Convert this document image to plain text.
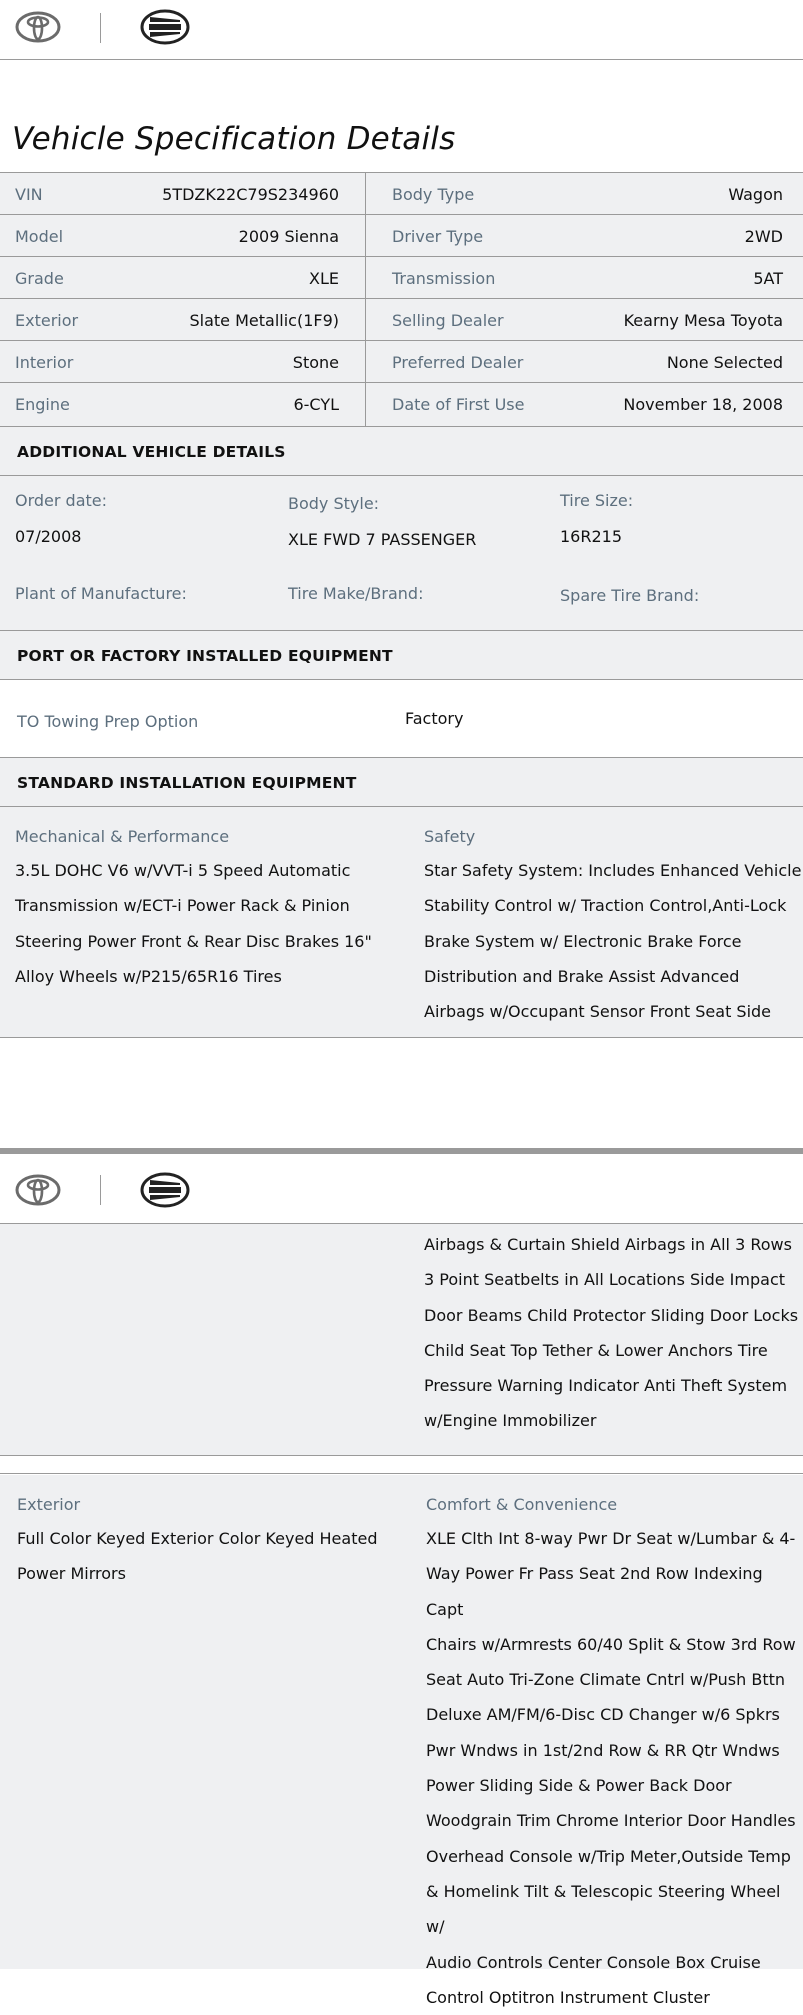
Vehicle Specification Details
VIN	5TDZK22C79S234960	Body Type	Wagon
Model	2009 Sienna	Driver Type	2WD
Grade	XLE	Transmission	5AT
Exterior	Slate Metallic(1F9)	Selling Dealer	Kearny Mesa Toyota
Interior	Stone	Preferred Dealer	None Selected
Engine	6-CYL	Date of First Use	November 18, 2008
ADDITIONAL VEHICLE DETAILS
Order date:
07/2008
Body Style:
XLE FWD 7 PASSENGER
Tire Size:
16R215
Plant of Manufacture:	Tire Make/Brand:	Spare Tire Brand:
PORT OR FACTORY INSTALLED EQUIPMENT
TO Towing Prep Option	Factory
STANDARD INSTALLATION EQUIPMENT
Mechanical & Performance
3.5L DOHC V6 w/VVT-i 5 Speed Automatic
Transmission w/ECT-i Power Rack & Pinion
Steering Power Front & Rear Disc Brakes 16"
Alloy Wheels w/P215/65R16 Tires
Safety
Star Safety System: Includes Enhanced Vehicle
Stability Control w/ Traction Control,Anti-Lock
Brake System w/ Electronic Brake Force
Distribution and Brake Assist Advanced
Airbags w/Occupant Sensor Front Seat Side
Airbags & Curtain Shield Airbags in All 3 Rows
3 Point Seatbelts in All Locations Side Impact
Door Beams Child Protector Sliding Door Locks
Child Seat Top Tether & Lower Anchors Tire
Pressure Warning Indicator Anti Theft System
w/Engine Immobilizer
Exterior
Full Color Keyed Exterior Color Keyed Heated
Power Mirrors
Comfort & Convenience
XLE Clth Int 8-way Pwr Dr Seat w/Lumbar & 4-
Way Power Fr Pass Seat 2nd Row Indexing Capt
Chairs w/Armrests 60/40 Split & Stow 3rd Row
Seat Auto Tri-Zone Climate Cntrl w/Push Bttn
Deluxe AM/FM/6-Disc CD Changer w/6 Spkrs
Pwr Wndws in 1st/2nd Row & RR Qtr Wndws
Power Sliding Side & Power Back Door
Woodgrain Trim Chrome Interior Door Handles
Overhead Console w/Trip Meter,Outside Temp
& Homelink Tilt & Telescopic Steering Wheel w/
Audio Controls Center Console Box Cruise
Control Optitron Instrument Cluster
